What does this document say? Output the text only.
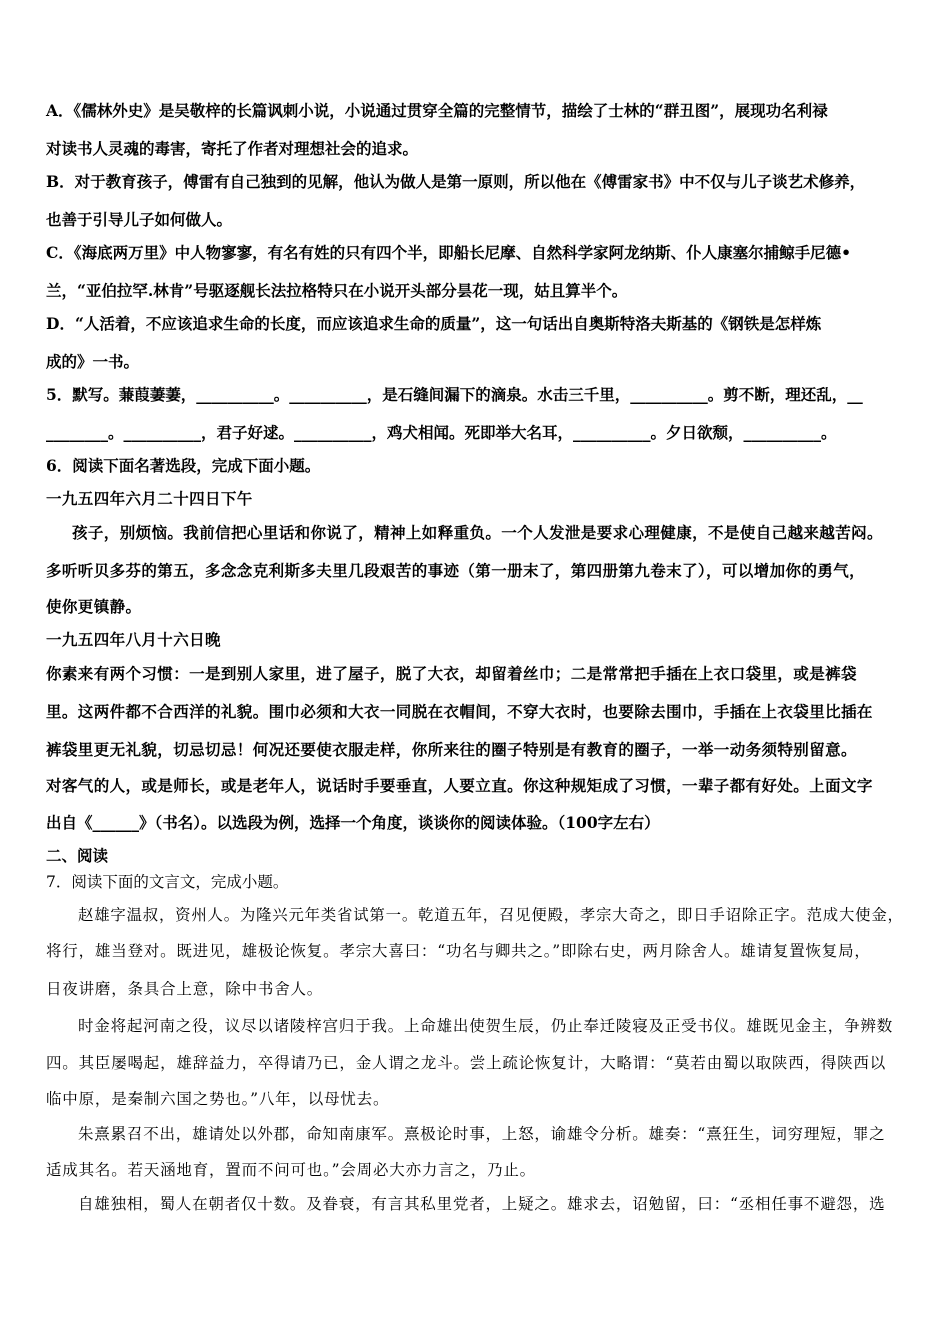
A．《儒林外史》是吴敬梓的长篇讽刺小说，小说通过贯穿全篇的完整情节，描绘了士林的“群丑图”，展现功名利禄
对读书人灵魂的毒害，寄托了作者对理想社会的追求。
B．对于教育孩子，傅雷有自己独到的见解，他认为做人是第一原则，所以他在《傅雷家书》中不仅与儿子谈艺术修养，
也善于引导儿子如何做人。
C．《海底两万里》中人物寥寥，有名有姓的只有四个半，即船长尼摩、自然科学家阿龙纳斯、仆人康塞尔捕鲸手尼德•
兰，“亚伯拉罕.林肯”号驱逐舰长法拉格特只在小说开头部分昙花一现，姑且算半个。
D．“人活着，不应该追求生命的长度，而应该追求生命的质量”，这一句话出自奥斯特洛夫斯基的《钢铁是怎样炼
成的》一书。
5．默写。蒹葭萋萋，__________。__________，是石缝间漏下的滴泉。水击三千里，__________。剪不断，理还乱，__
________。__________，君子好逑。__________，鸡犬相闻。死即举大名耳，__________。夕日欲颓，__________。
6．阅读下面名著选段，完成下面小题。
一九五四年六月二十四日下午
孩子，别烦恼。我前信把心里话和你说了，精神上如释重负。一个人发泄是要求心理健康，不是使自己越来越苦闷。
多听听贝多芬的第五，多念念克利斯多夫里几段艰苦的事迹（第一册末了，第四册第九卷末了），可以增加你的勇气，
使你更镇静。
一九五四年八月十六日晚
你素来有两个习惯：一是到别人家里，进了屋子，脱了大衣，却留着丝巾；二是常常把手插在上衣口袋里，或是裤袋
里。这两件都不合西洋的礼貌。围巾必须和大衣一同脱在衣帽间，不穿大衣时，也要除去围巾，手插在上衣袋里比插在
裤袋里更无礼貌，切忌切忌！何况还要使衣服走样，你所来往的圈子特别是有教育的圈子，一举一动务须特别留意。
对客气的人，或是师长，或是老年人，说话时手要垂直，人要立直。你这种规矩成了习惯，一辈子都有好处。上面文字
出自《______》（书名）。以选段为例，选择一个角度，谈谈你的阅读体验。（100字左右）
二、阅读
7．阅读下面的文言文，完成小题。
赵雄字温叔，资州人。为隆兴元年类省试第一。乾道五年，召见便殿，孝宗大奇之，即日手诏除正字。范成大使金，
将行，雄当登对。既进见，雄极论恢复。孝宗大喜曰：“功名与卿共之。”即除右史，两月除舍人。雄请复置恢复局，
日夜讲磨，条具合上意，除中书舍人。
时金将起河南之役，议尽以诸陵梓宫归于我。上命雄出使贺生辰，仍止奉迁陵寝及正受书仪。雄既见金主，争辨数
四。其臣屡喝起，雄辞益力，卒得请乃已，金人谓之龙斗。尝上疏论恢复计，大略谓：“莫若由蜀以取陕西，得陕西以
临中原，是秦制六国之势也。”八年，以母忧去。
朱熹累召不出，雄请处以外郡，命知南康军。熹极论时事，上怒，谕雄令分析。雄奏：“熹狂生，词穷理短，罪之
适成其名。若天涵地育，置而不问可也。”会周必大亦力言之，乃止。
自雄独相，蜀人在朝者仅十数。及眷衰，有言其私里党者，上疑之。雄求去，诏勉留，曰：“丞相任事不避怨，选
